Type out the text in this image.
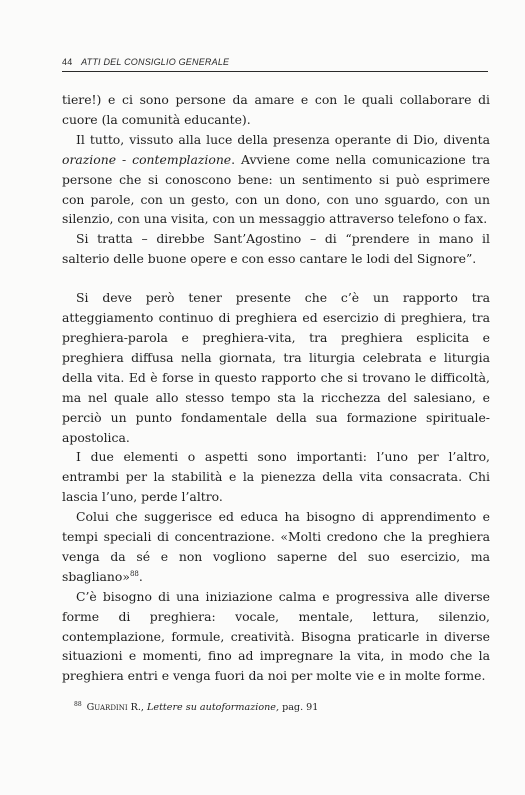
44 ATTI DEL CONSIGLIO GENERALE

tiere!) e ci sono persone da amare e con le quali collaborare di cuore (la comunità educante).

Il tutto, vissuto alla luce della presenza operante di Dio, diventa orazione - contemplazione. Avviene come nella comunicazione tra persone che si conoscono bene: un sentimento si può esprimere con parole, con un gesto, con un dono, con uno sguardo, con un silenzio, con una visita, con un messaggio attraverso telefono o fax.

Si tratta – direbbe Sant’Agostino – di “prendere in mano il salterio delle buone opere e con esso cantare le lodi del Signore”.

Si deve però tener presente che c’è un rapporto tra atteggiamento continuo di preghiera ed esercizio di preghiera, tra preghiera-parola e preghiera-vita, tra preghiera esplicita e preghiera diffusa nella giornata, tra liturgia celebrata e liturgia della vita. Ed è forse in questo rapporto che si trovano le difficoltà, ma nel quale allo stesso tempo sta la ricchezza del salesiano, e perciò un punto fondamentale della sua formazione spirituale-apostolica.

I due elementi o aspetti sono importanti: l’uno per l’altro, entrambi per la stabilità e la pienezza della vita consacrata. Chi lascia l’uno, perde l’altro.

Colui che suggerisce ed educa ha bisogno di apprendimento e tempi speciali di concentrazione. «Molti credono che la preghiera venga da sé e non vogliono saperne del suo esercizio, ma sbagliano»$^{88}$.

C’è bisogno di una iniziazione calma e progressiva alle diverse forme di preghiera: vocale, mentale, lettura, silenzio, contemplazione, formule, creatività. Bisogna praticarle in diverse situazioni e momenti, fino ad impregnare la vita, in modo che la preghiera entri e venga fuori da noi per molte vie e in molte forme.

$^{88}$ Guardini R., Lettere su autoformazione, pag. 91
